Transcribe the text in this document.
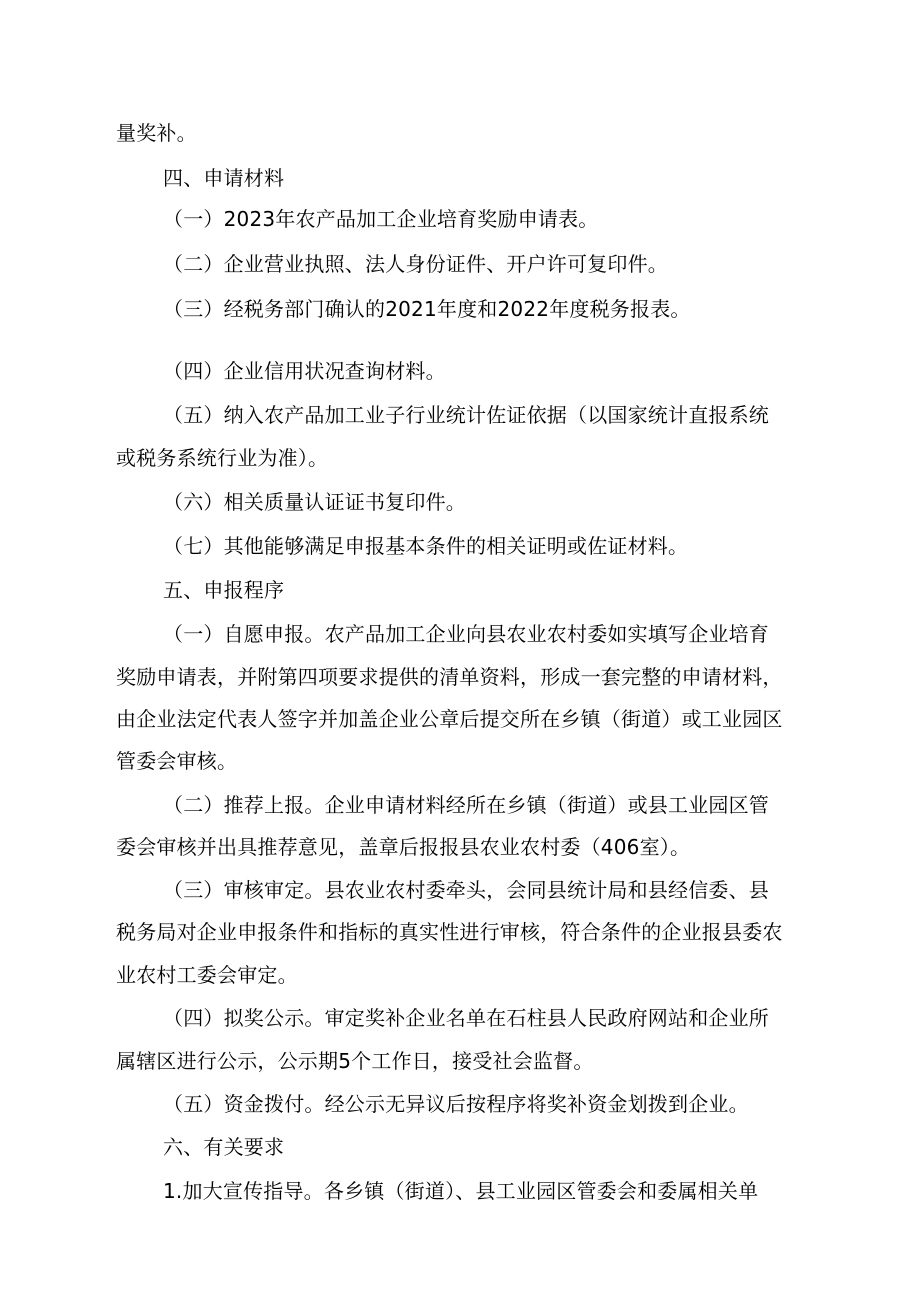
量奖补。
四、申请材料
（一）2023年农产品加工企业培育奖励申请表。
（二）企业营业执照、法人身份证件、开户许可复印件。
（三）经税务部门确认的2021年度和2022年度税务报表。
（四）企业信用状况查询材料。
（五）纳入农产品加工业子行业统计佐证依据（以国家统计直报系统
或税务系统行业为准）。
（六）相关质量认证证书复印件。
（七）其他能够满足申报基本条件的相关证明或佐证材料。
五、申报程序
（一）自愿申报。农产品加工企业向县农业农村委如实填写企业培育
奖励申请表，并附第四项要求提供的清单资料，形成一套完整的申请材料，
由企业法定代表人签字并加盖企业公章后提交所在乡镇（街道）或工业园区
管委会审核。
（二）推荐上报。企业申请材料经所在乡镇（街道）或县工业园区管
委会审核并出具推荐意见，盖章后报报县农业农村委（406室）。
（三）审核审定。县农业农村委牵头，会同县统计局和县经信委、县
税务局对企业申报条件和指标的真实性进行审核，符合条件的企业报县委农
业农村工委会审定。
（四）拟奖公示。审定奖补企业名单在石柱县人民政府网站和企业所
属辖区进行公示，公示期5个工作日，接受社会监督。
（五）资金拨付。经公示无异议后按程序将奖补资金划拨到企业。
六、有关要求
1.加大宣传指导。各乡镇（街道）、县工业园区管委会和委属相关单
